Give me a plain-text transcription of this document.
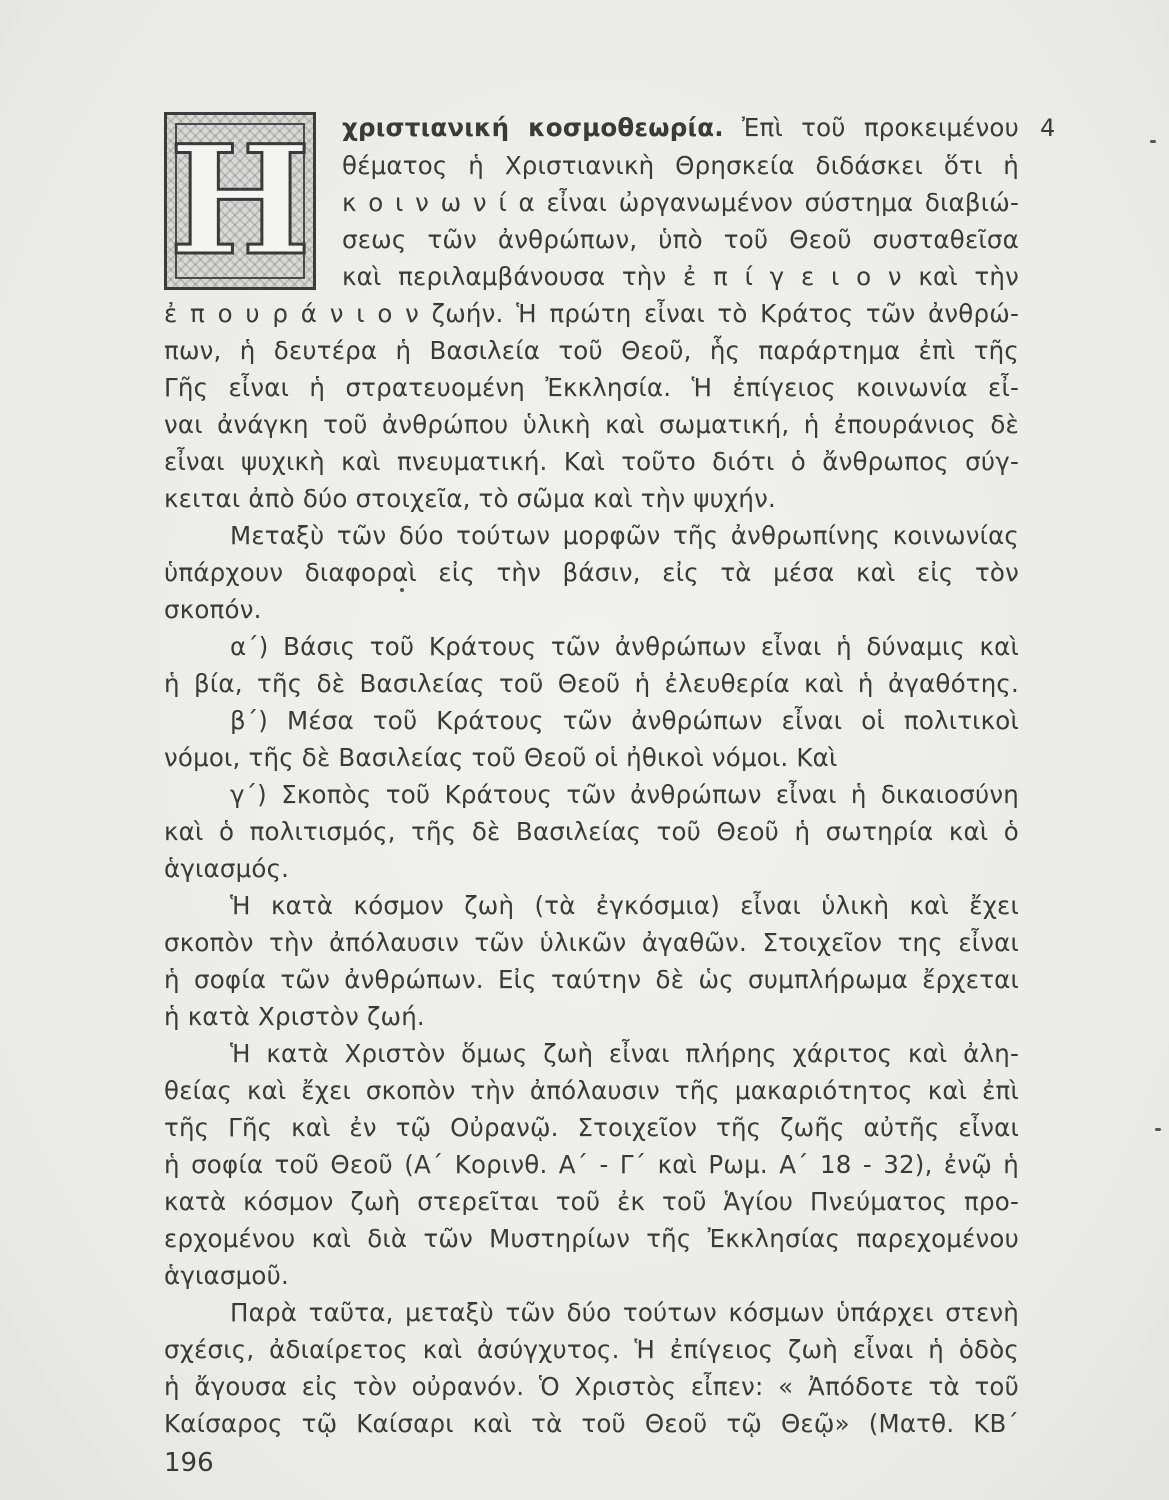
Η	4
χριστιανική κοσμοθεωρία. Ἐπὶ τοῦ προκειμένου
θέματος ἡ Χριστιανικὴ Θρησκεία διδάσκει ὅτι ἡ
κ ο ι ν ω ν ί α εἶναι ὠργανωμένον σύστημα διαβιώ-
σεως τῶν ἀνθρώπων, ὑπὸ τοῦ Θεοῦ συσταθεῖσα
καὶ περιλαμβάνουσα τὴν ἐ π ί γ ε ι ο ν καὶ τὴν
ἐ π ο υ ρ ά ν ι ο ν ζωήν. Ἡ πρώτη εἶναι τὸ Κράτος τῶν ἀνθρώ-
πων, ἡ δευτέρα ἡ Βασιλεία τοῦ Θεοῦ, ἧς παράρτημα ἐπὶ τῆς
Γῆς εἶναι ἡ στρατευομένη Ἐκκλησία. Ἡ ἐπίγειος κοινωνία εἶ-
ναι ἀνάγκη τοῦ ἀνθρώπου ὑλικὴ καὶ σωματική, ἡ ἐπουράνιος δὲ
εἶναι ψυχικὴ καὶ πνευματική. Καὶ τοῦτο διότι ὁ ἄνθρωπος σύγ-
κειται ἀπὸ δύο στοιχεῖα, τὸ σῶμα καὶ τὴν ψυχήν.
Μεταξὺ τῶν δύο τούτων μορφῶν τῆς ἀνθρωπίνης κοινωνίας
ὑπάρχουν διαφοραὶ εἰς τὴν βάσιν, εἰς τὰ μέσα καὶ εἰς τὸν
σκοπόν.
α΄) Βάσις τοῦ Κράτους τῶν ἀνθρώπων εἶναι ἡ δύναμις καὶ
ἡ βία, τῆς δὲ Βασιλείας τοῦ Θεοῦ ἡ ἐλευθερία καὶ ἡ ἀγαθότης.
β΄) Μέσα τοῦ Κράτους τῶν ἀνθρώπων εἶναι οἱ πολιτικοὶ
νόμοι, τῆς δὲ Βασιλείας τοῦ Θεοῦ οἱ ἠθικοὶ νόμοι. Καὶ
γ΄) Σκοπὸς τοῦ Κράτους τῶν ἀνθρώπων εἶναι ἡ δικαιοσύνη
καὶ ὁ πολιτισμός, τῆς δὲ Βασιλείας τοῦ Θεοῦ ἡ σωτηρία καὶ ὁ
ἁγιασμός.
Ἡ κατὰ κόσμον ζωὴ (τὰ ἐγκόσμια) εἶναι ὑλικὴ καὶ ἔχει
σκοπὸν τὴν ἀπόλαυσιν τῶν ὑλικῶν ἀγαθῶν. Στοιχεῖον της εἶναι
ἡ σοφία τῶν ἀνθρώπων. Εἰς ταύτην δὲ ὡς συμπλήρωμα ἔρχεται
ἡ κατὰ Χριστὸν ζωή.
Ἡ κατὰ Χριστὸν ὅμως ζωὴ εἶναι πλήρης χάριτος καὶ ἀλη-
θείας καὶ ἔχει σκοπὸν τὴν ἀπόλαυσιν τῆς μακαριότητος καὶ ἐπὶ
τῆς Γῆς καὶ ἐν τῷ Οὐρανῷ. Στοιχεῖον τῆς ζωῆς αὐτῆς εἶναι
ἡ σοφία τοῦ Θεοῦ (Α΄ Κορινθ. Α΄ - Γ΄ καὶ Ρωμ. Α΄ 18 - 32), ἐνῷ ἡ
κατὰ κόσμον ζωὴ στερεῖται τοῦ ἐκ τοῦ Ἁγίου Πνεύματος προ-
ερχομένου καὶ διὰ τῶν Μυστηρίων τῆς Ἐκκλησίας παρεχομένου
ἁγιασμοῦ.
Παρὰ ταῦτα, μεταξὺ τῶν δύο τούτων κόσμων ὑπάρχει στενὴ
σχέσις, ἀδιαίρετος καὶ ἀσύγχυτος. Ἡ ἐπίγειος ζωὴ εἶναι ἡ ὁδὸς
ἡ ἄγουσα εἰς τὸν οὐρανόν. Ὁ Χριστὸς εἶπεν: « Ἀπόδοτε τὰ τοῦ
Καίσαρος τῷ Καίσαρι καὶ τὰ τοῦ Θεοῦ τῷ Θεῷ» (Ματθ. ΚΒ΄
196
